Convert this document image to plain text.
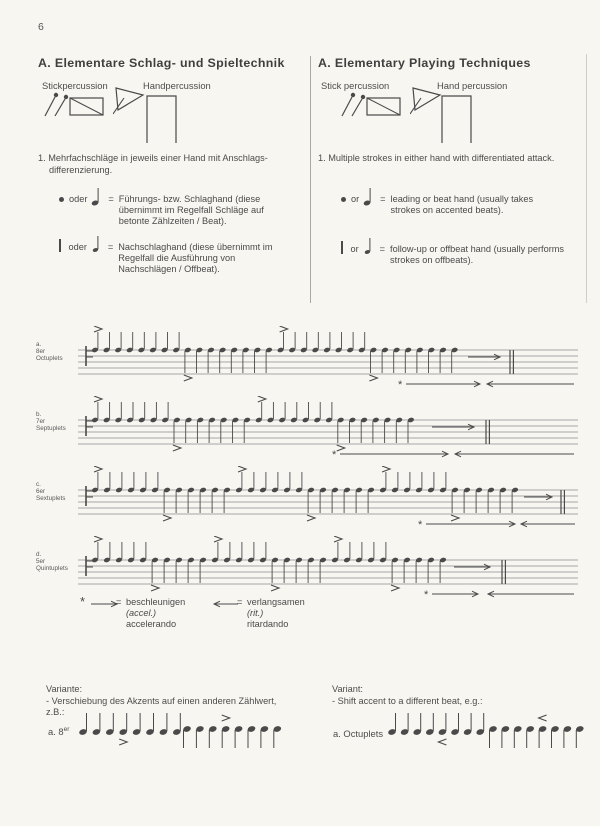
6
A. Elementare Schlag- und Spieltechnik	A. Elementary Playing Techniques
Stickpercussion	Handpercussion	Stick percussion	Hand percussion
1. Mehrfachschläge in jeweils einer Hand mit Anschlags-
differenzierung.
1. Multiple strokes in either hand with differentiated attack.
oder = Führungs- bzw. Schlaghand (diese übernimmt im Regelfall Schläge auf betonte Zählzeiten / Beat).
oder = Nachschlaghand (diese übernimmt im Regelfall die Ausführung von Nachschlägen / Offbeat).
or = leading or beat hand (usually takes strokes on accented beats).
or = follow-up or offbeat hand (usually performs strokes on offbeats).
a.
8er
Octuplets
*
b.
7er
Septuplets
*
c.
6er
Sextuplets
*
d.
5er
Quintuplets
*
*	= beschleunigen
(accel.)
accelerando
= verlangsamen
(rit.)
ritardando
Variante:
- Verschiebung des Akzents auf einen anderen Zählwert,
z.B.:
Variant:
- Shift accent to a different beat, e.g.:
a. 8er	a. Octuplets
